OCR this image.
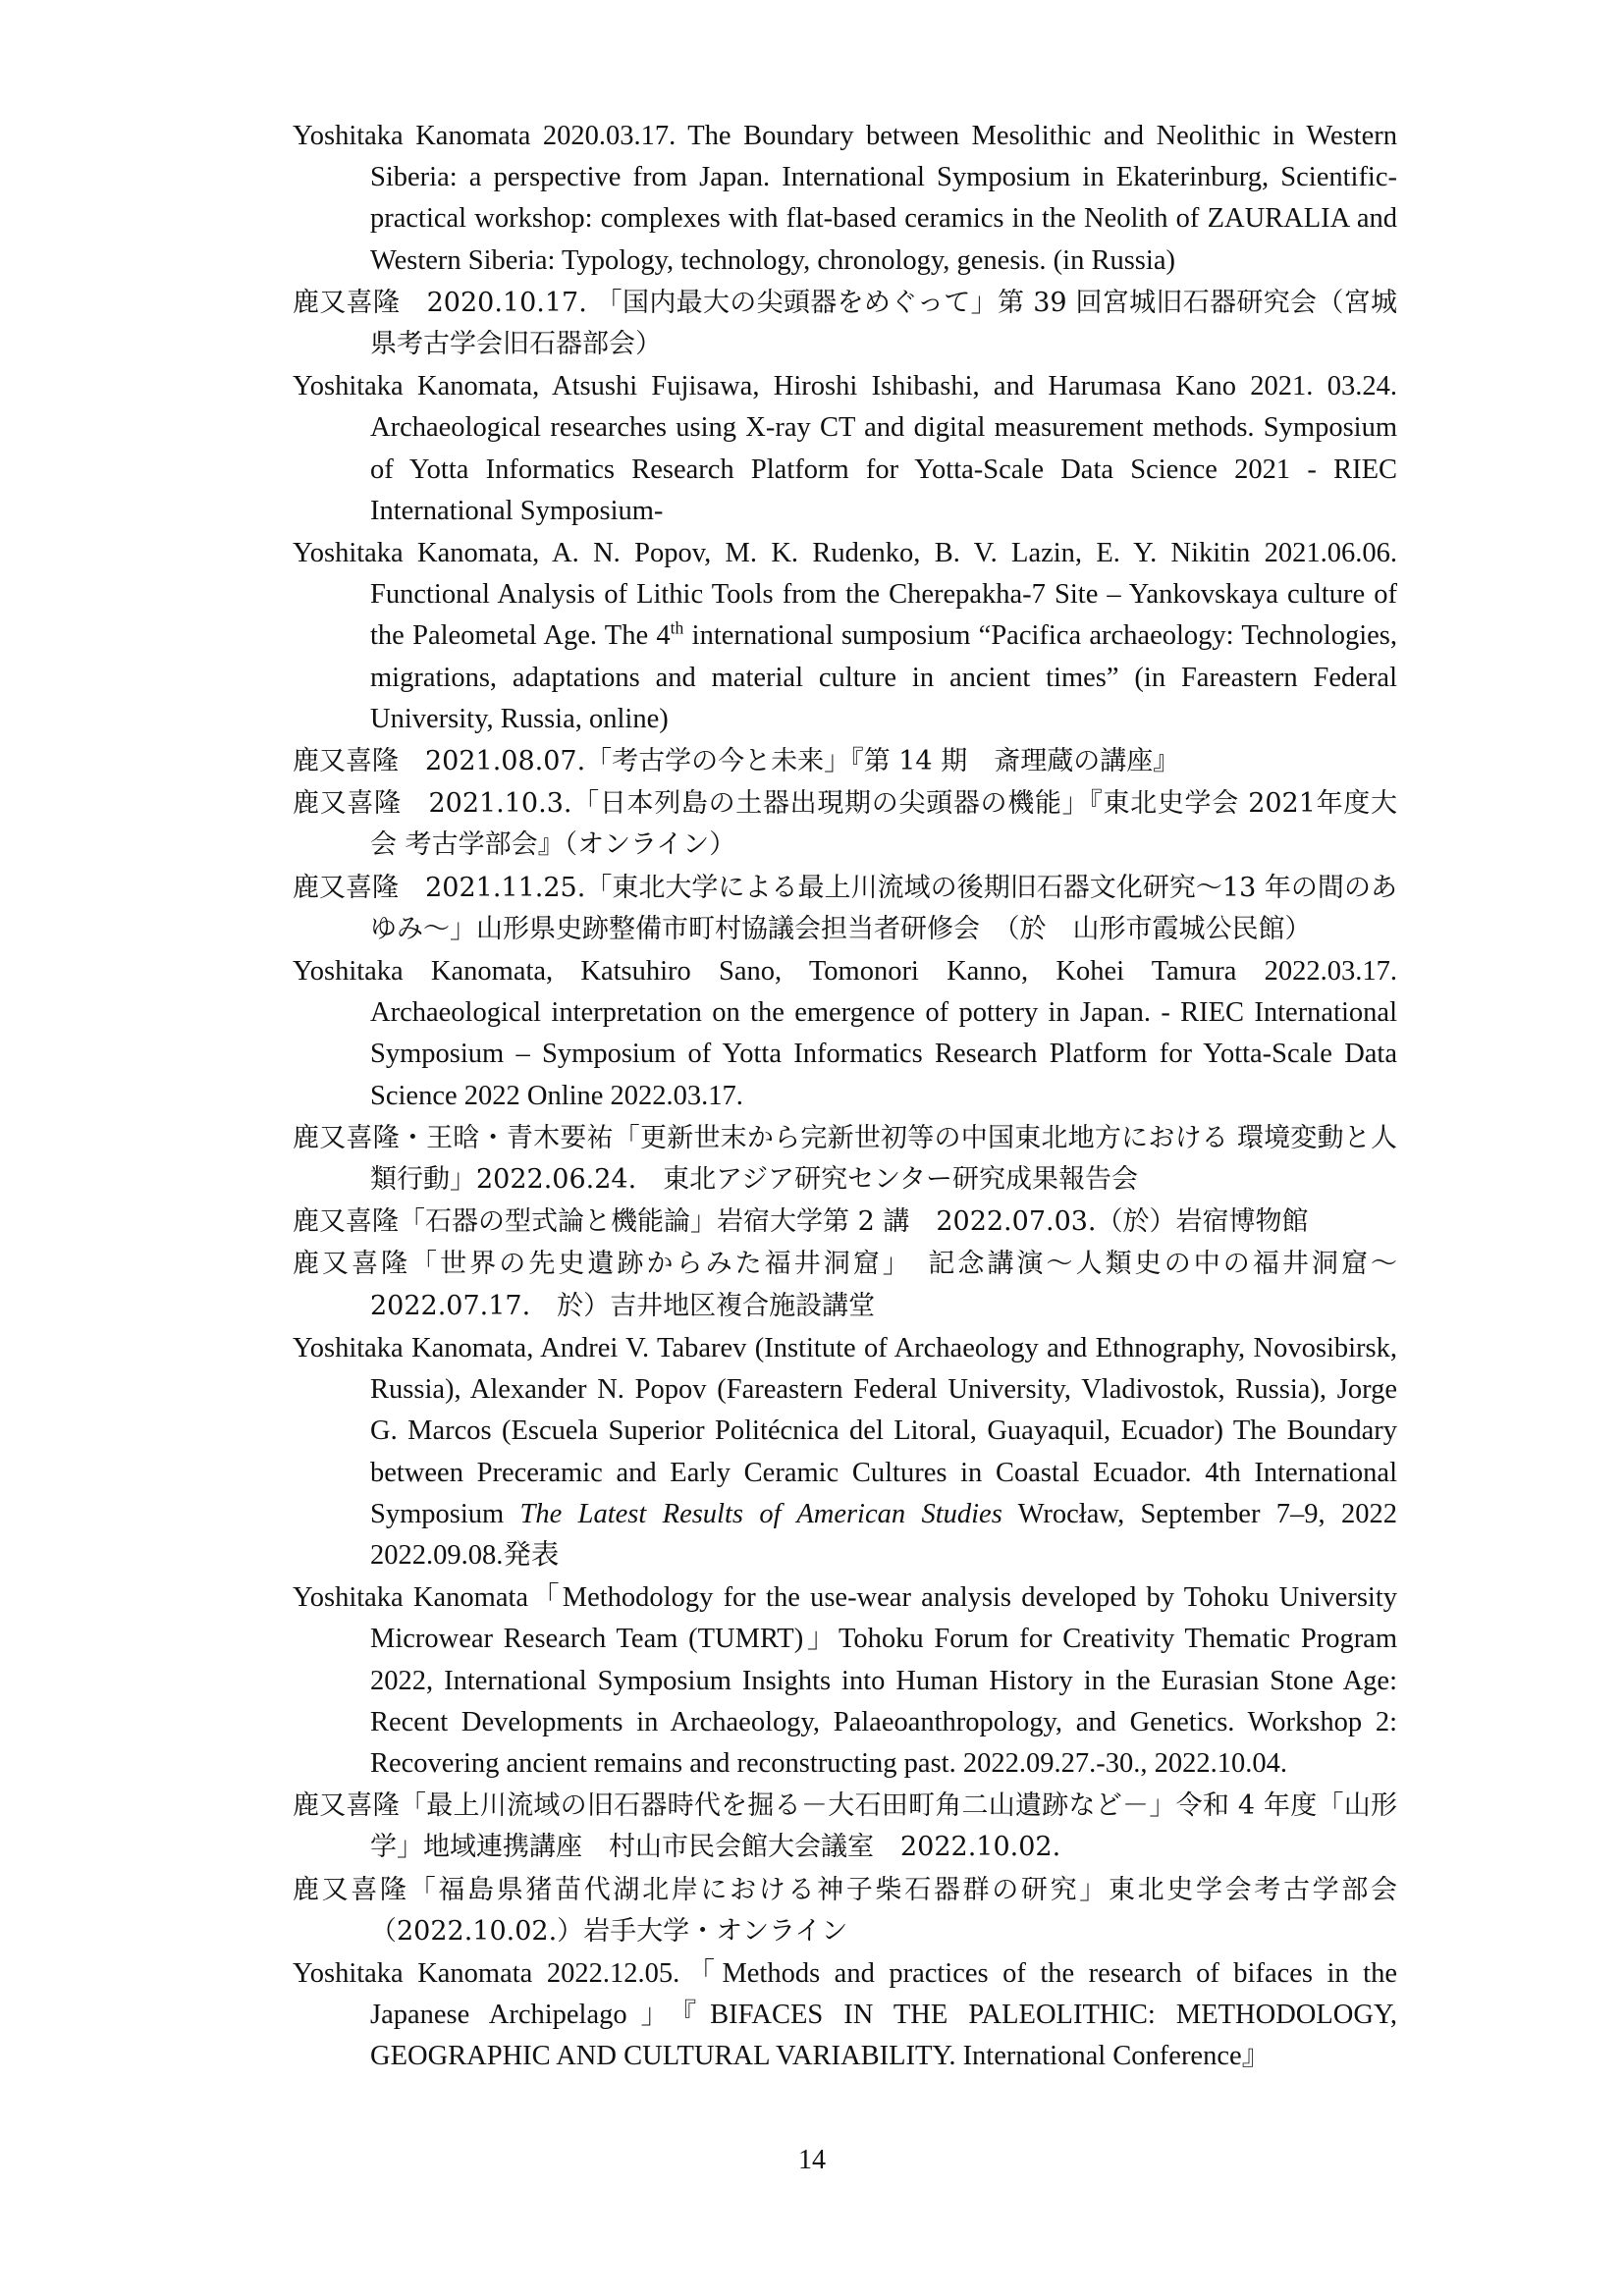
Yoshitaka Kanomata 2020.03.17. The Boundary between Mesolithic and Neolithic in Western Siberia: a perspective from Japan. International Symposium in Ekaterinburg, Scientific-practical workshop: complexes with flat-based ceramics in the Neolith of ZAURALIA and Western Siberia: Typology, technology, chronology, genesis. (in Russia)

鹿又喜隆　2020.10.17. 「国内最大の尖頭器をめぐって」第 39 回宮城旧石器研究会（宮城県考古学会旧石器部会）

Yoshitaka Kanomata, Atsushi Fujisawa, Hiroshi Ishibashi, and Harumasa Kano 2021. 03.24. Archaeological researches using X-ray CT and digital measurement methods. Symposium of Yotta Informatics Research Platform for Yotta-Scale Data Science 2021 - RIEC International Symposium-

Yoshitaka Kanomata, A. N. Popov, M. K. Rudenko, B. V. Lazin, E. Y. Nikitin 2021.06.06. Functional Analysis of Lithic Tools from the Cherepakha-7 Site – Yankovskaya culture of the Paleometal Age. The 4th international sumposium “Pacifica archaeology: Technologies, migrations, adaptations and material culture in ancient times” (in Fareastern Federal University, Russia, online)

鹿又喜隆　2021.08.07.「考古学の今と未来」『第 14 期　斎理蔵の講座』

鹿又喜隆　2021.10.3.「日本列島の土器出現期の尖頭器の機能」『東北史学会 2021年度大会 考古学部会』（オンライン）

鹿又喜隆　2021.11.25.「東北大学による最上川流域の後期旧石器文化研究～13 年の間のあゆみ～」山形県史跡整備市町村協議会担当者研修会　（於　山形市霞城公民館）

Yoshitaka Kanomata, Katsuhiro Sano, Tomonori Kanno, Kohei Tamura 2022.03.17. Archaeological interpretation on the emergence of pottery in Japan. - RIEC International Symposium – Symposium of Yotta Informatics Research Platform for Yotta-Scale Data Science 2022 Online 2022.03.17.

鹿又喜隆・王晗・青木要祐「更新世末から完新世初等の中国東北地方における 環境変動と人類行動」2022.06.24.　東北アジア研究センター研究成果報告会

鹿又喜隆「石器の型式論と機能論」岩宿大学第 2 講　2022.07.03.（於）岩宿博物館

鹿又喜隆「世界の先史遺跡からみた福井洞窟」　記念講演～人類史の中の福井洞窟～2022.07.17.　於）吉井地区複合施設講堂

Yoshitaka Kanomata, Andrei V. Tabarev (Institute of Archaeology and Ethnography, Novosibirsk, Russia), Alexander N. Popov (Fareastern Federal University, Vladivostok, Russia), Jorge G. Marcos (Escuela Superior Politécnica del Litoral, Guayaquil, Ecuador) The Boundary between Preceramic and Early Ceramic Cultures in Coastal Ecuador. 4th International Symposium The Latest Results of American Studies Wrocław, September 7–9, 2022 2022.09.08.発表

Yoshitaka Kanomata「Methodology for the use-wear analysis developed by Tohoku University Microwear Research Team (TUMRT)」Tohoku Forum for Creativity Thematic Program 2022, International Symposium Insights into Human History in the Eurasian Stone Age: Recent Developments in Archaeology, Palaeoanthropology, and Genetics. Workshop 2: Recovering ancient remains and reconstructing past. 2022.09.27.-30., 2022.10.04.

鹿又喜隆「最上川流域の旧石器時代を掘る－大石田町角二山遺跡など－」令和 4 年度「山形学」地域連携講座　村山市民会館大会議室　2022.10.02.

鹿又喜隆「福島県猪苗代湖北岸における神子柴石器群の研究」東北史学会考古学部会（2022.10.02.）岩手大学・オンライン

Yoshitaka Kanomata 2022.12.05.「Methods and practices of the research of bifaces in the Japanese Archipelago」『BIFACES IN THE PALEOLITHIC: METHODOLOGY, GEOGRAPHIC AND CULTURAL VARIABILITY. International Conference』

14
